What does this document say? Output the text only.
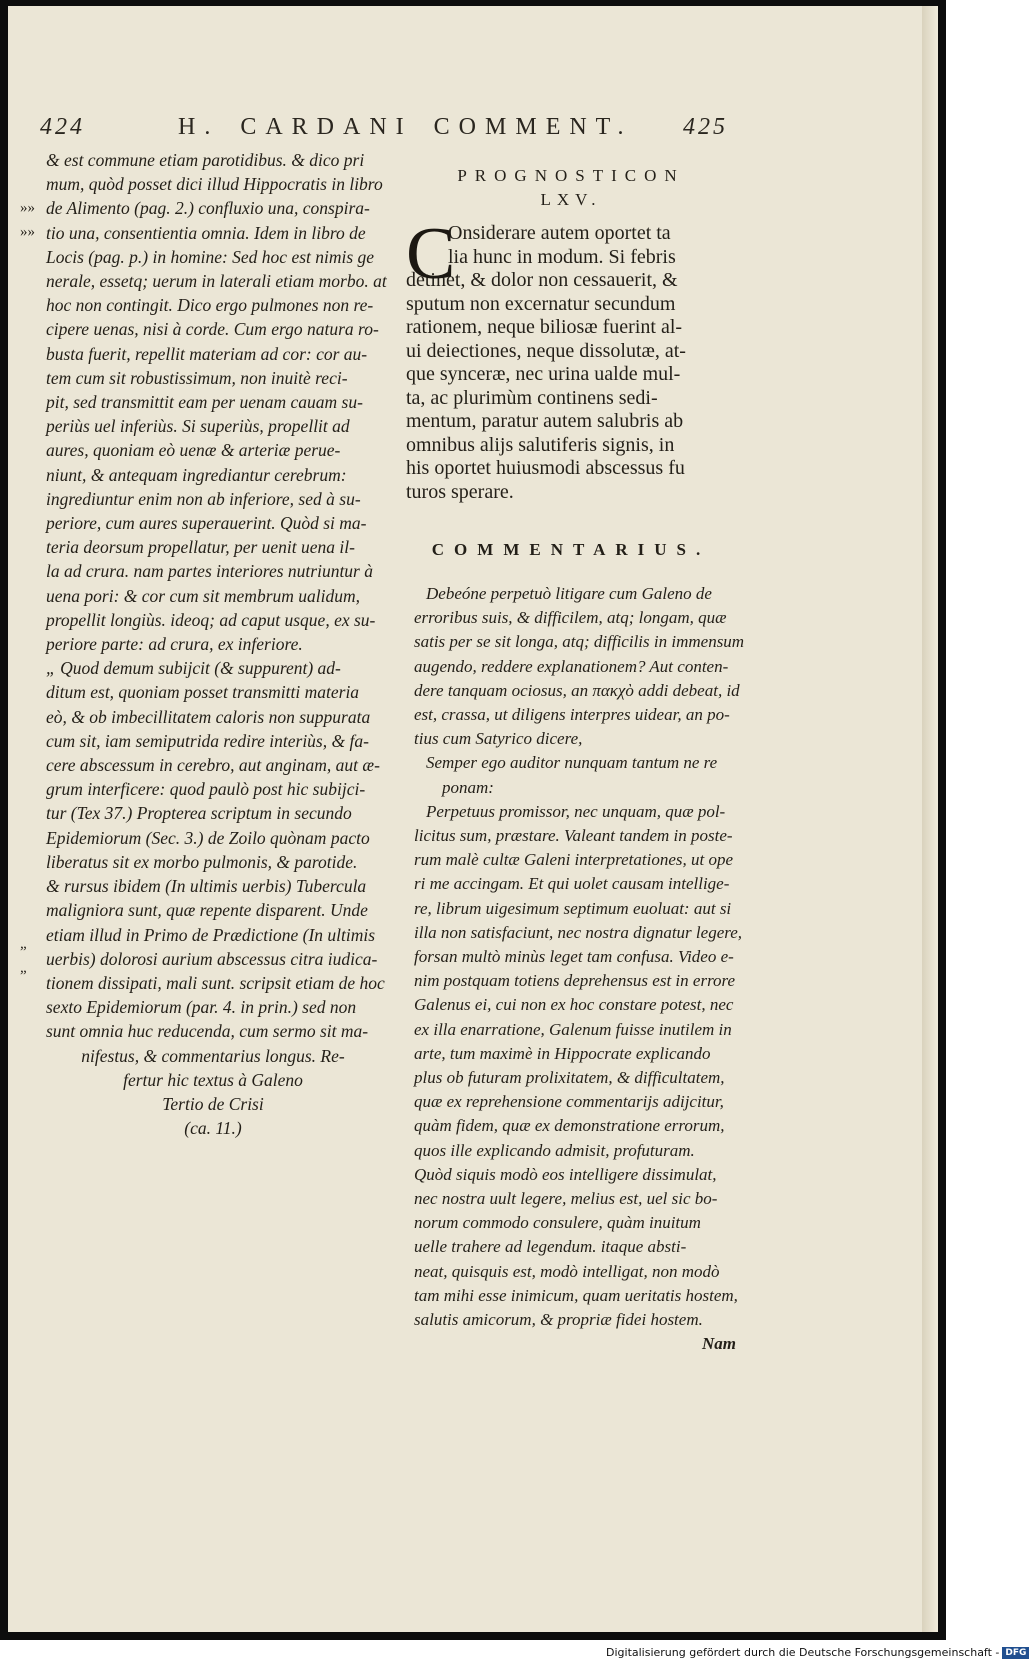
424	H. CARDANI COMMENT. 425
»»
»»
„
„
& est commune etiam parotidibus. & dico pri
mum, quòd posset dici illud Hippocratis in libro
de Alimento (pag. 2.) confluxio una, conspira-
tio una, consentientia omnia. Idem in libro de
Locis (pag. p.) in homine: Sed hoc est nimis ge
nerale, essetq; uerum in laterali etiam morbo. at
hoc non contingit. Dico ergo pulmones non re-
cipere uenas, nisi à corde. Cum ergo natura ro-
busta fuerit, repellit materiam ad cor: cor au-
tem cum sit robustissimum, non inuitè reci-
pit, sed transmittit eam per uenam cauam su-
periùs uel inferiùs. Si superiùs, propellit ad
aures, quoniam eò uenæ & arteriæ perue-
niunt, & antequam ingrediantur cerebrum:
ingrediuntur enim non ab inferiore, sed à su-
periore, cum aures superauerint. Quòd si ma-
teria deorsum propellatur, per uenit uena il-
la ad crura. nam partes interiores nutriuntur à
uena pori: & cor cum sit membrum ualidum,
propellit longiùs. ideoq; ad caput usque, ex su-
periore parte: ad crura, ex inferiore.
„ Quod demum subijcit (& suppurent) ad-
ditum est, quoniam posset transmitti materia
eò, & ob imbecillitatem caloris non suppurata
cum sit, iam semiputrida redire interiùs, & fa-
cere abscessum in cerebro, aut anginam, aut æ-
grum interficere: quod paulò post hic subijci-
tur (Tex 37.) Propterea scriptum in secundo
Epidemiorum (Sec. 3.) de Zoilo quònam pacto
liberatus sit ex morbo pulmonis, & parotide.
& rursus ibidem (In ultimis uerbis) Tubercula
maligniora sunt, quæ repente disparent. Unde
etiam illud in Primo de Prædictione (In ultimis
uerbis) dolorosi aurium abscessus citra iudica-
tionem dissipati, mali sunt. scripsit etiam de hoc
sexto Epidemiorum (par. 4. in prin.) sed non
sunt omnia huc reducenda, cum sermo sit ma-
nifestus, & commentarius longus. Re-
fertur hic textus à Galeno
Tertio de Crisi
(ca. 11.)
PROGNOSTICON
LXV.
C
Onsiderare autem oportet ta
lia hunc in modum. Si febris
detinet, & dolor non cessauerit, &
sputum non excernatur secundum
rationem, neque biliosæ fuerint al-
ui deiectiones, neque dissolutæ, at-
que synceræ, nec urina ualde mul-
ta, ac plurimùm continens sedi-
mentum, paratur autem salubris ab
omnibus alijs salutiferis signis, in
his oportet huiusmodi abscessus fu
turos sperare.
COMMENTARIUS.
Debeóne perpetuò litigare cum Galeno de
erroribus suis, & difficilem, atq; longam, quæ
satis per se sit longa, atq; difficilis in immensum
augendo, reddere explanationem? Aut conten-
dere tanquam ociosus, an πακχὸ addi debeat, id
est, crassa, ut diligens interpres uidear, an po-
tius cum Satyrico dicere,
Semper ego auditor nunquam tantum ne re
ponam:
Perpetuus promissor, nec unquam, quæ pol-
licitus sum, præstare. Valeant tandem in poste-
rum malè cultæ Galeni interpretationes, ut ope
ri me accingam. Et qui uolet causam intellige-
re, librum uigesimum septimum euoluat: aut si
illa non satisfaciunt, nec nostra dignatur legere,
forsan multò minùs leget tam confusa. Video e-
nim postquam totiens deprehensus est in errore
Galenus ei, cui non ex hoc constare potest, nec
ex illa enarratione, Galenum fuisse inutilem in
arte, tum maximè in Hippocrate explicando
plus ob futuram prolixitatem, & difficultatem,
quæ ex reprehensione commentarijs adijcitur,
quàm fidem, quæ ex demonstratione errorum,
quos ille explicando admisit, profuturam.
Quòd siquis modò eos intelligere dissimulat,
nec nostra uult legere, melius est, uel sic bo-
norum commodo consulere, quàm inuitum
uelle trahere ad legendum. itaque absti-
neat, quisquis est, modò intelligat, non modò
tam mihi esse inimicum, quam ueritatis hostem,
salutis amicorum, & propriæ fidei hostem.
Nam
Digitalisierung gefördert durch die Deutsche Forschungsgemeinschaft - DFG
